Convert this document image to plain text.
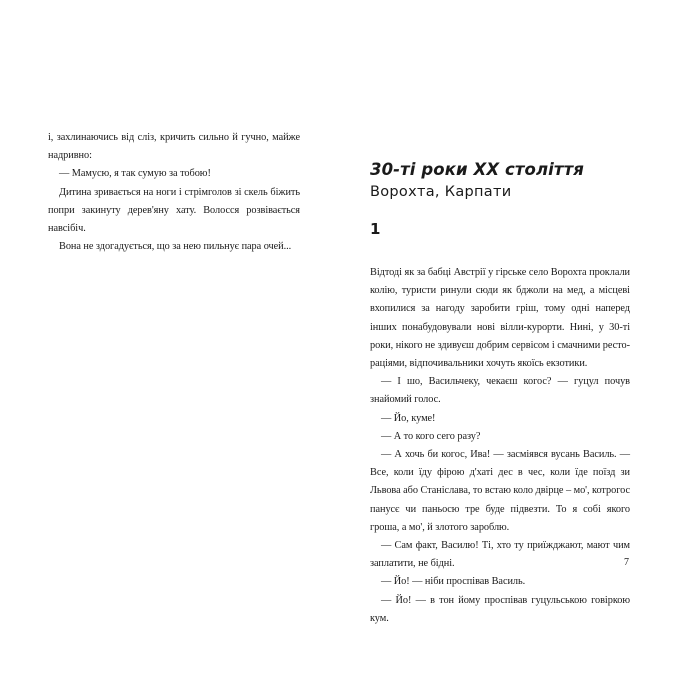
і, захлинаючись від сліз, кричить сильно й гучно, майже надривно:

— Мамусю, я так сумую за тобою!

Дитина зривається на ноги і стрімголов зі скель біжить попри закинуту дерев'яну хату. Волосся розвівається навсібіч.

Вона не здогадується, що за нею пильнує пара очей...

30-ті роки ХХ століття
Ворохта, Карпати
1

Відтоді як за бабці Австрії у гірське село Ворохта проклали колію, туристи ринули сюди як бджоли на мед, а місцеві вхопилися за нагоду заробити гріш, тому одні наперед інших понабудовували нові вілли-курорти. Нині, у 30-ті роки, нікого не здивуєш добрим сервісом і смачними рестораціями, відпочивальники хочуть якоїсь екзотики.

— І шо, Васильчеку, чекаєш когос? — гуцул почув знайомий голос.

— Йо, куме!

— А то кого сего разу?

— А хочь би когос, Ива! — засміявся вусань Василь. — Все, коли їду фірою д'хаті дес в чес, коли їде поїзд зи Львова або Станіслава, то встаю коло двірце – мо', котрогос панусє чи паньоcю тре буде підвезти. То я собі якого гроша, а мо', й злотого зароблю.

— Сам факт, Василю! Ті, хто ту приїжджают, мают чим заплатити, не бідні.

— Йо! — ніби проспівав Василь.

— Йо! — в тон йому проспівав гуцульською говіркою кум.

7
